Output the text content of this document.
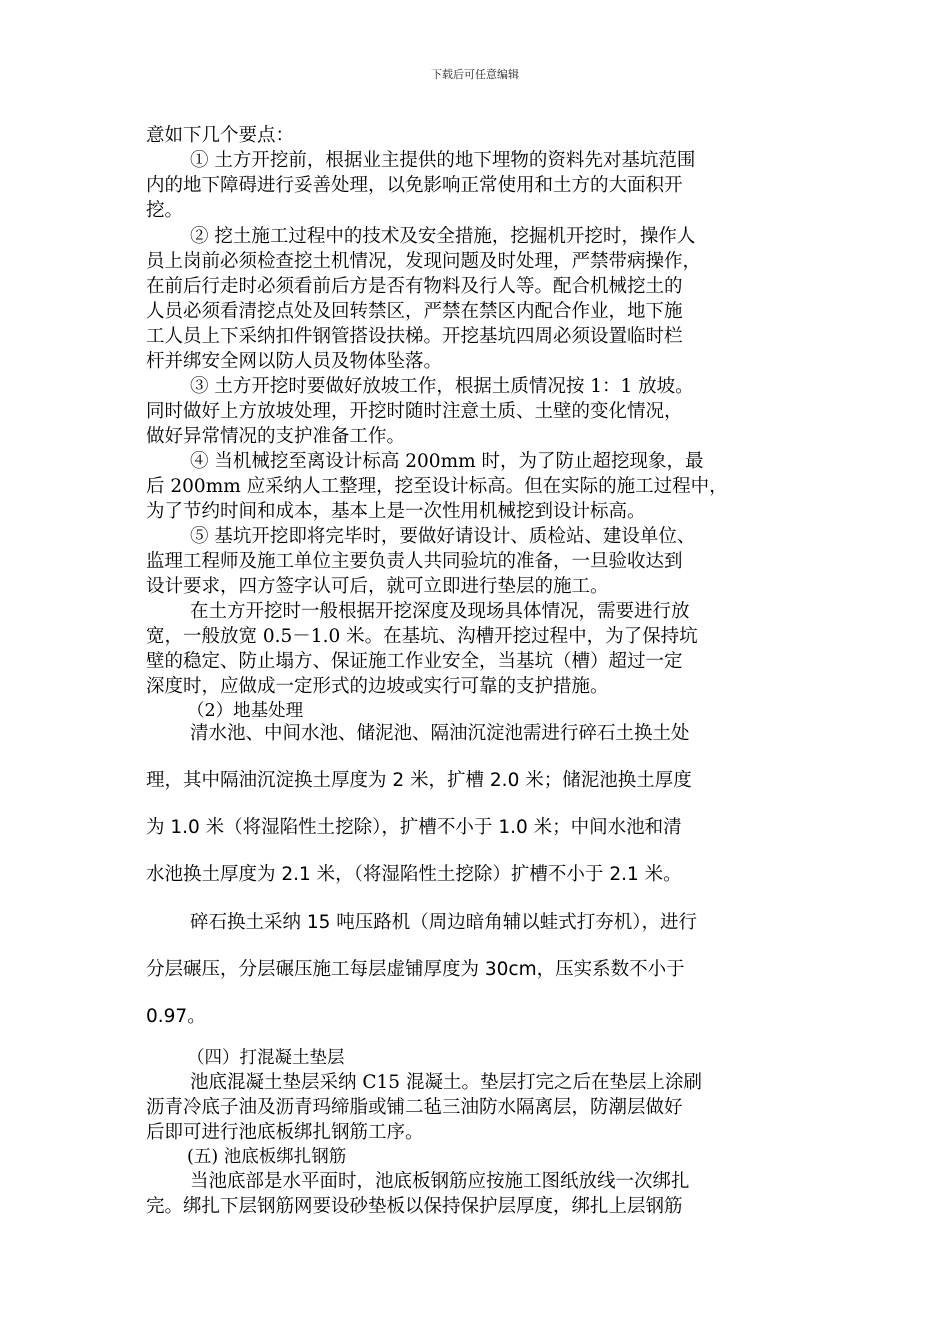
下载后可任意编辑

意如下几个要点：

① 土方开挖前，根据业主提供的地下埋物的资料先对基坑范围

内的地下障碍进行妥善处理，以免影响正常使用和土方的大面积开

挖。

② 挖土施工过程中的技术及安全措施，挖掘机开挖时，操作人

员上岗前必须检查挖土机情况，发现问题及时处理，严禁带病操作，

在前后行走时必须看前后方是否有物料及行人等。配合机械挖土的

人员必须看清挖点处及回转禁区，严禁在禁区内配合作业，地下施

工人员上下采纳扣件钢管搭设扶梯。开挖基坑四周必须设置临时栏

杆并绑安全网以防人员及物体坠落。

③ 土方开挖时要做好放坡工作，根据土质情况按 1：1 放坡。

同时做好上方放坡处理，开挖时随时注意土质、土壁的变化情况，

做好异常情况的支护准备工作。

④ 当机械挖至离设计标高 200mm 时，为了防止超挖现象，最

后 200mm 应采纳人工整理，挖至设计标高。但在实际的施工过程中，

为了节约时间和成本，基本上是一次性用机械挖到设计标高。

⑤ 基坑开挖即将完毕时，要做好请设计、质检站、建设单位、

监理工程师及施工单位主要负责人共同验坑的准备，一旦验收达到

设计要求，四方签字认可后，就可立即进行垫层的施工。

在土方开挖时一般根据开挖深度及现场具体情况，需要进行放

宽，一般放宽 0.5－1.0 米。在基坑、沟槽开挖过程中，为了保持坑

壁的稳定、防止塌方、保证施工作业安全，当基坑（槽）超过一定

深度时，应做成一定形式的边坡或实行可靠的支护措施。

（2）地基处理

清水池、中间水池、储泥池、隔油沉淀池需进行碎石土换土处

理，其中隔油沉淀换土厚度为 2 米，扩槽 2.0 米；储泥池换土厚度

为 1.0 米（将湿陷性土挖除），扩槽不小于 1.0 米；中间水池和清

水池换土厚度为 2.1 米，（将湿陷性土挖除）扩槽不小于 2.1 米。

碎石换土采纳 15 吨压路机（周边暗角辅以蛙式打夯机），进行

分层碾压，分层碾压施工每层虚铺厚度为 30cm，压实系数不小于

0.97。

（四）打混凝土垫层

池底混凝土垫层采纳 C15 混凝土。垫层打完之后在垫层上涂刷

沥青冷底子油及沥青玛缔脂或铺二毡三油防水隔离层，防潮层做好

后即可进行池底板绑扎钢筋工序。

(五) 池底板绑扎钢筋

当池底部是水平面时，池底板钢筋应按施工图纸放线一次绑扎

完。绑扎下层钢筋网要设砂垫板以保持保护层厚度，绑扎上层钢筋
